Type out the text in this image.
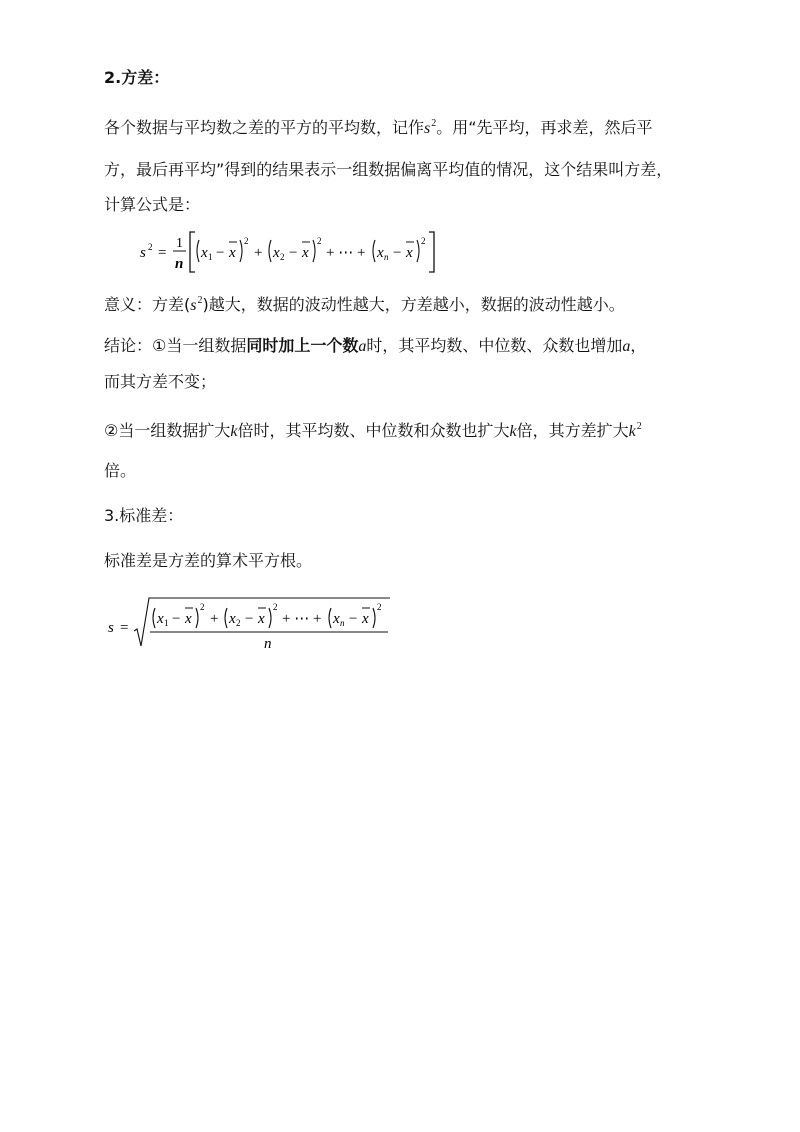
2.方差：
各个数据与平均数之差的平方的平均数，记作$s^2$。用“先平均，再求差，然后平
方，最后再平均”得到的结果表示一组数据偏离平均值的情况，这个结果叫方差，
计算公式是：
s 2 =
1
n
x 1 − x
2
+ x 2 − x
2
+ ⋯ + x n − x
2
意义：方差$(s^2)$越大，数据的波动性越大，方差越小，数据的波动性越小。
结论：①当一组数据同时加上一个数a时，其平均数、中位数、众数也增加a，
而其方差不变；
②当一组数据扩大k倍时，其平均数、中位数和众数也扩大k倍，其方差扩大$k^2$
倍。
3.标准差：
标准差是方差的算术平方根。
s =
x 1 − x
2
+ x 2 − x
2
+ ⋯ + x n − x
2
n
